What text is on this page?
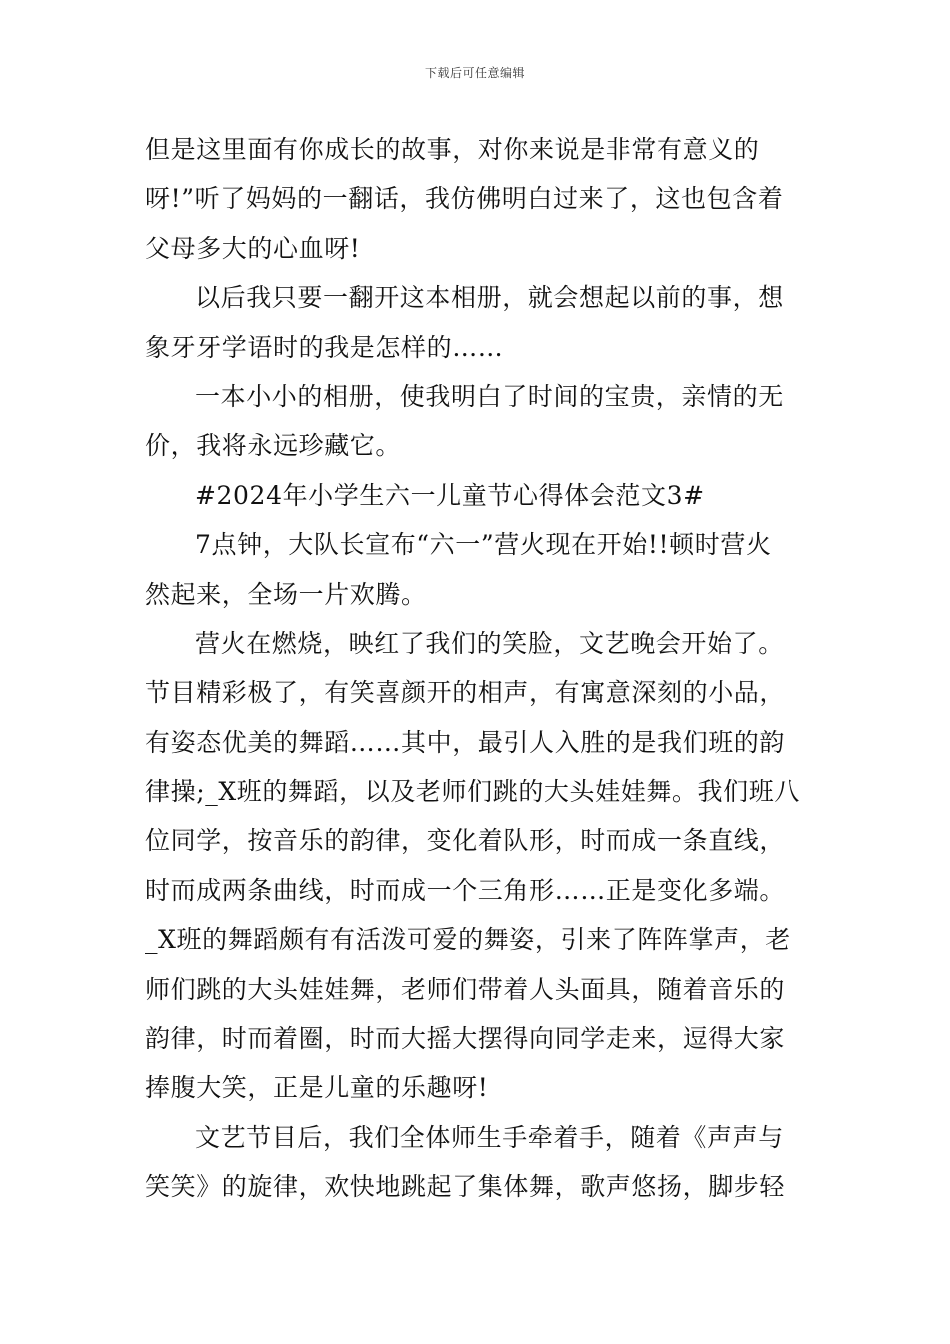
下载后可任意编辑
但是这里面有你成长的故事，对你来说是非常有意义的
呀!”听了妈妈的一翻话，我仿佛明白过来了，这也包含着
父母多大的心血呀!
以后我只要一翻开这本相册，就会想起以前的事，想
象牙牙学语时的我是怎样的……
一本小小的相册，使我明白了时间的宝贵，亲情的无
价，我将永远珍藏它。
#2024年小学生六一儿童节心得体会范文3#
7点钟，大队长宣布“六一”营火现在开始!!顿时营火
然起来，全场一片欢腾。
营火在燃烧，映红了我们的笑脸，文艺晚会开始了。
节目精彩极了，有笑喜颜开的相声，有寓意深刻的小品，
有姿态优美的舞蹈……其中，最引人入胜的是我们班的韵
律操;_X班的舞蹈，以及老师们跳的大头娃娃舞。我们班八
位同学，按音乐的韵律，变化着队形，时而成一条直线，
时而成两条曲线，时而成一个三角形……正是变化多端。
_X班的舞蹈颇有有活泼可爱的舞姿，引来了阵阵掌声，老
师们跳的大头娃娃舞，老师们带着人头面具，随着音乐的
韵律，时而着圈，时而大摇大摆得向同学走来，逗得大家
捧腹大笑，正是儿童的乐趣呀!
文艺节目后，我们全体师生手牵着手，随着《声声与
笑笑》的旋律，欢快地跳起了集体舞，歌声悠扬，脚步轻
